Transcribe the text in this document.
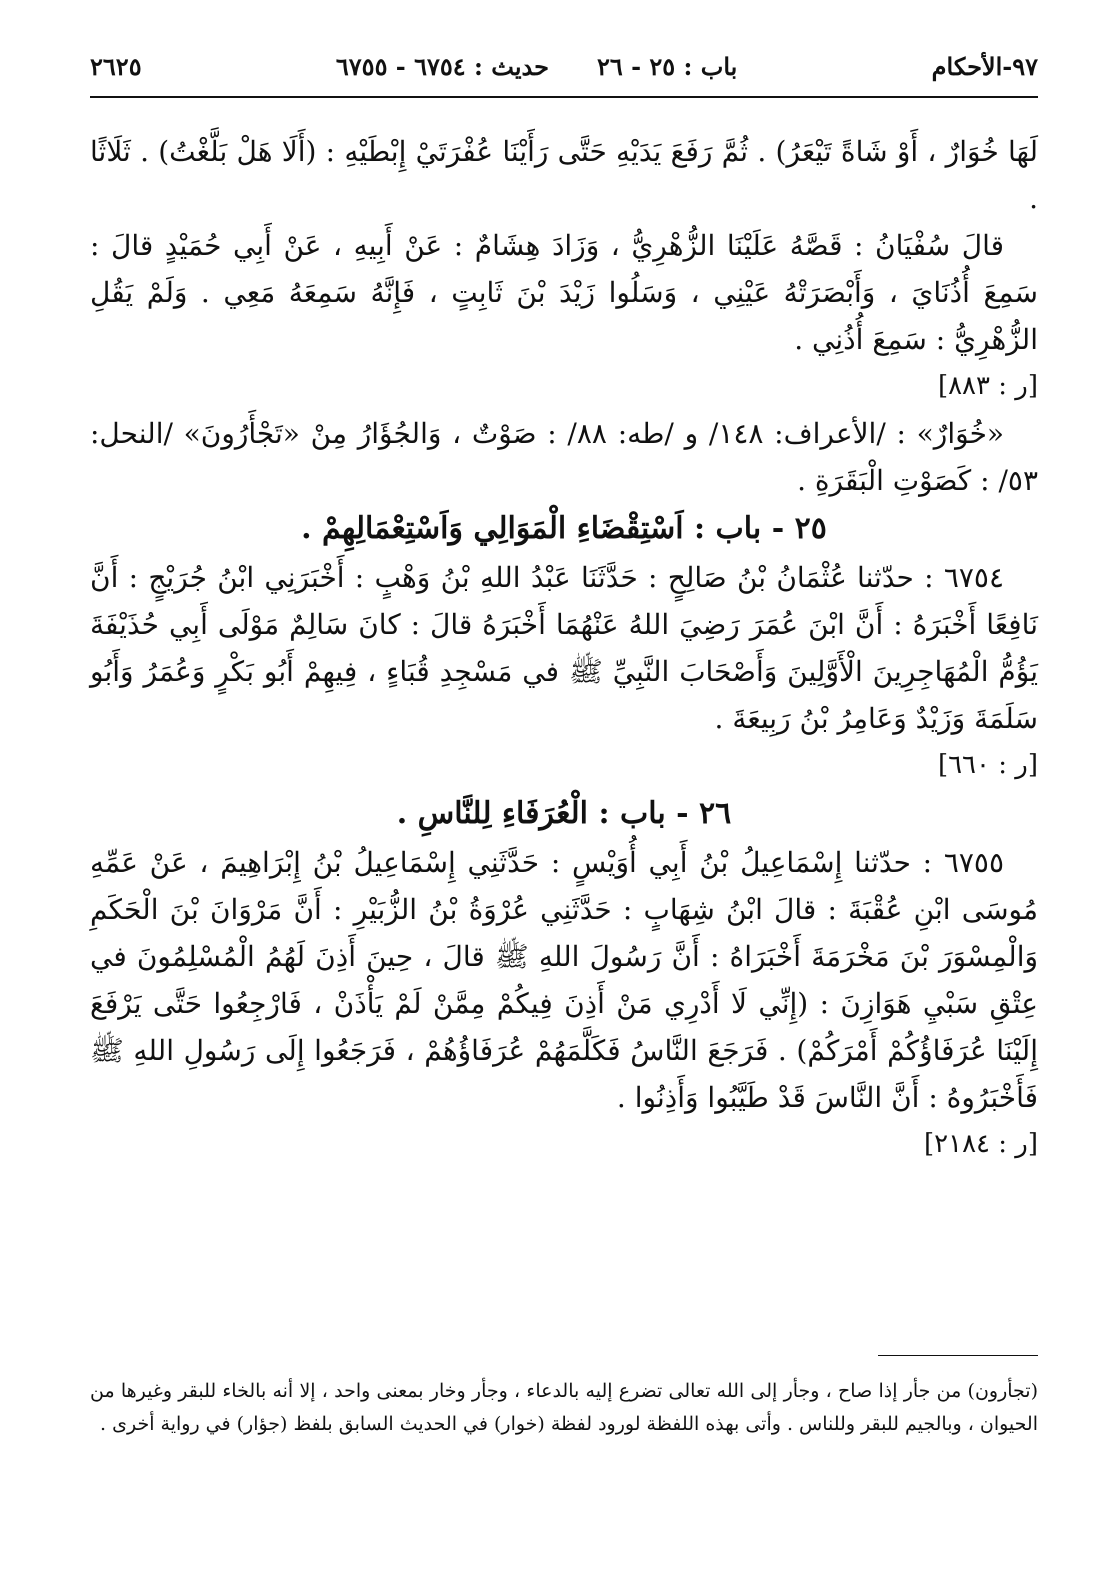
٩٧-الأحكام
باب : ٢٥ - ٢٦
حديث : ٦٧٥٤ - ٦٧٥٥
٢٦٢٥

لَهَا خُوَارٌ ، أَوْ شَاةً تَيْعَرُ) . ثُمَّ رَفَعَ يَدَيْهِ حَتَّى رَأَيْنَا عُفْرَتَيْ إِبْطَيْهِ : (أَلَا هَلْ بَلَّغْتُ) . ثَلَاثًا .

قالَ سُفْيَانُ : قَصَّهُ عَلَيْنَا الزُّهْرِيُّ ، وَزَادَ هِشَامٌ : عَنْ أَبِيهِ ، عَنْ أَبِي حُمَيْدٍ قالَ : سَمِعَ أُذُنَايَ ، وَأَبْصَرَتْهُ عَيْنِي ، وَسَلُوا زَيْدَ بْنَ ثَابِتٍ ، فَإِنَّهُ سَمِعَهُ مَعِي . وَلَمْ يَقُلِ الزُّهْرِيُّ : سَمِعَ أُذُنِي .

[ر : ٨٨٣]

«خُوَارٌ» : /الأعراف: ١٤٨/ و /طه: ٨٨/ : صَوْتٌ ، وَالجُؤَارُ مِنْ «تَجْأَرُونَ» /النحل: ٥٣/ : كَصَوْتِ الْبَقَرَةِ .

٢٥ - باب : اَسْتِقْضَاءِ الْمَوَالِي وَاَسْتِعْمَالِهِمْ .

٦٧٥٤ : حدّثنا عُثْمَانُ بْنُ صَالِحٍ : حَدَّثَنَا عَبْدُ اللهِ بْنُ وَهْبٍ : أَخْبَرَنِي ابْنُ جُرَيْجٍ : أَنَّ نَافِعًا أَخْبَرَهُ : أَنَّ ابْنَ عُمَرَ رَضِيَ اللهُ عَنْهُمَا أَخْبَرَهُ قالَ : كانَ سَالِمٌ مَوْلَى أَبِي حُذَيْفَةَ يَؤُمُّ الْمُهَاجِرِينَ الْأَوَّلِينَ وَأَصْحَابَ النَّبِيِّ ﷺ في مَسْجِدِ قُبَاءٍ ، فِيهِمْ أَبُو بَكْرٍ وَعُمَرُ وَأَبُو سَلَمَةَ وَزَيْدٌ وَعَامِرُ بْنُ رَبِيعَةَ .

[ر : ٦٦٠]

٢٦ - باب : الْعُرَفَاءِ لِلنَّاسِ .

٦٧٥٥ : حدّثنا إِسْمَاعِيلُ بْنُ أَبِي أُوَيْسٍ : حَدَّثَنِي إِسْمَاعِيلُ بْنُ إِبْرَاهِيمَ ، عَنْ عَمِّهِ مُوسَى ابْنِ عُقْبَةَ : قالَ ابْنُ شِهَابٍ : حَدَّثَنِي عُرْوَةُ بْنُ الزُّبَيْرِ : أَنَّ مَرْوَانَ بْنَ الْحَكَمِ وَالْمِسْوَرَ بْنَ مَخْرَمَةَ أَخْبَرَاهُ : أَنَّ رَسُولَ اللهِ ﷺ قالَ ، حِينَ أَذِنَ لَهُمُ الْمُسْلِمُونَ في عِتْقِ سَبْيِ هَوَازِنَ : (إِنِّي لَا أَدْرِي مَنْ أَذِنَ فِيكُمْ مِمَّنْ لَمْ يَأْذَنْ ، فَارْجِعُوا حَتَّى يَرْفَعَ إِلَيْنَا عُرَفَاؤُكُمْ أَمْرَكُمْ) . فَرَجَعَ النَّاسُ فَكَلَّمَهُمْ عُرَفَاؤُهُمْ ، فَرَجَعُوا إِلَى رَسُولِ اللهِ ﷺ فَأَخْبَرُوهُ : أَنَّ النَّاسَ قَدْ طَيَّبُوا وَأَذِنُوا .

[ر : ٢١٨٤]

(تجأرون) من جأر إذا صاح ، وجأر إلى الله تعالى تضرع إليه بالدعاء ، وجأر وخار بمعنى واحد ، إلا أنه بالخاء للبقر وغيرها من الحيوان ، وبالجيم للبقر وللناس . وأتى بهذه اللفظة لورود لفظة (خوار) في الحديث السابق بلفظ (جؤار) في رواية أخرى .
